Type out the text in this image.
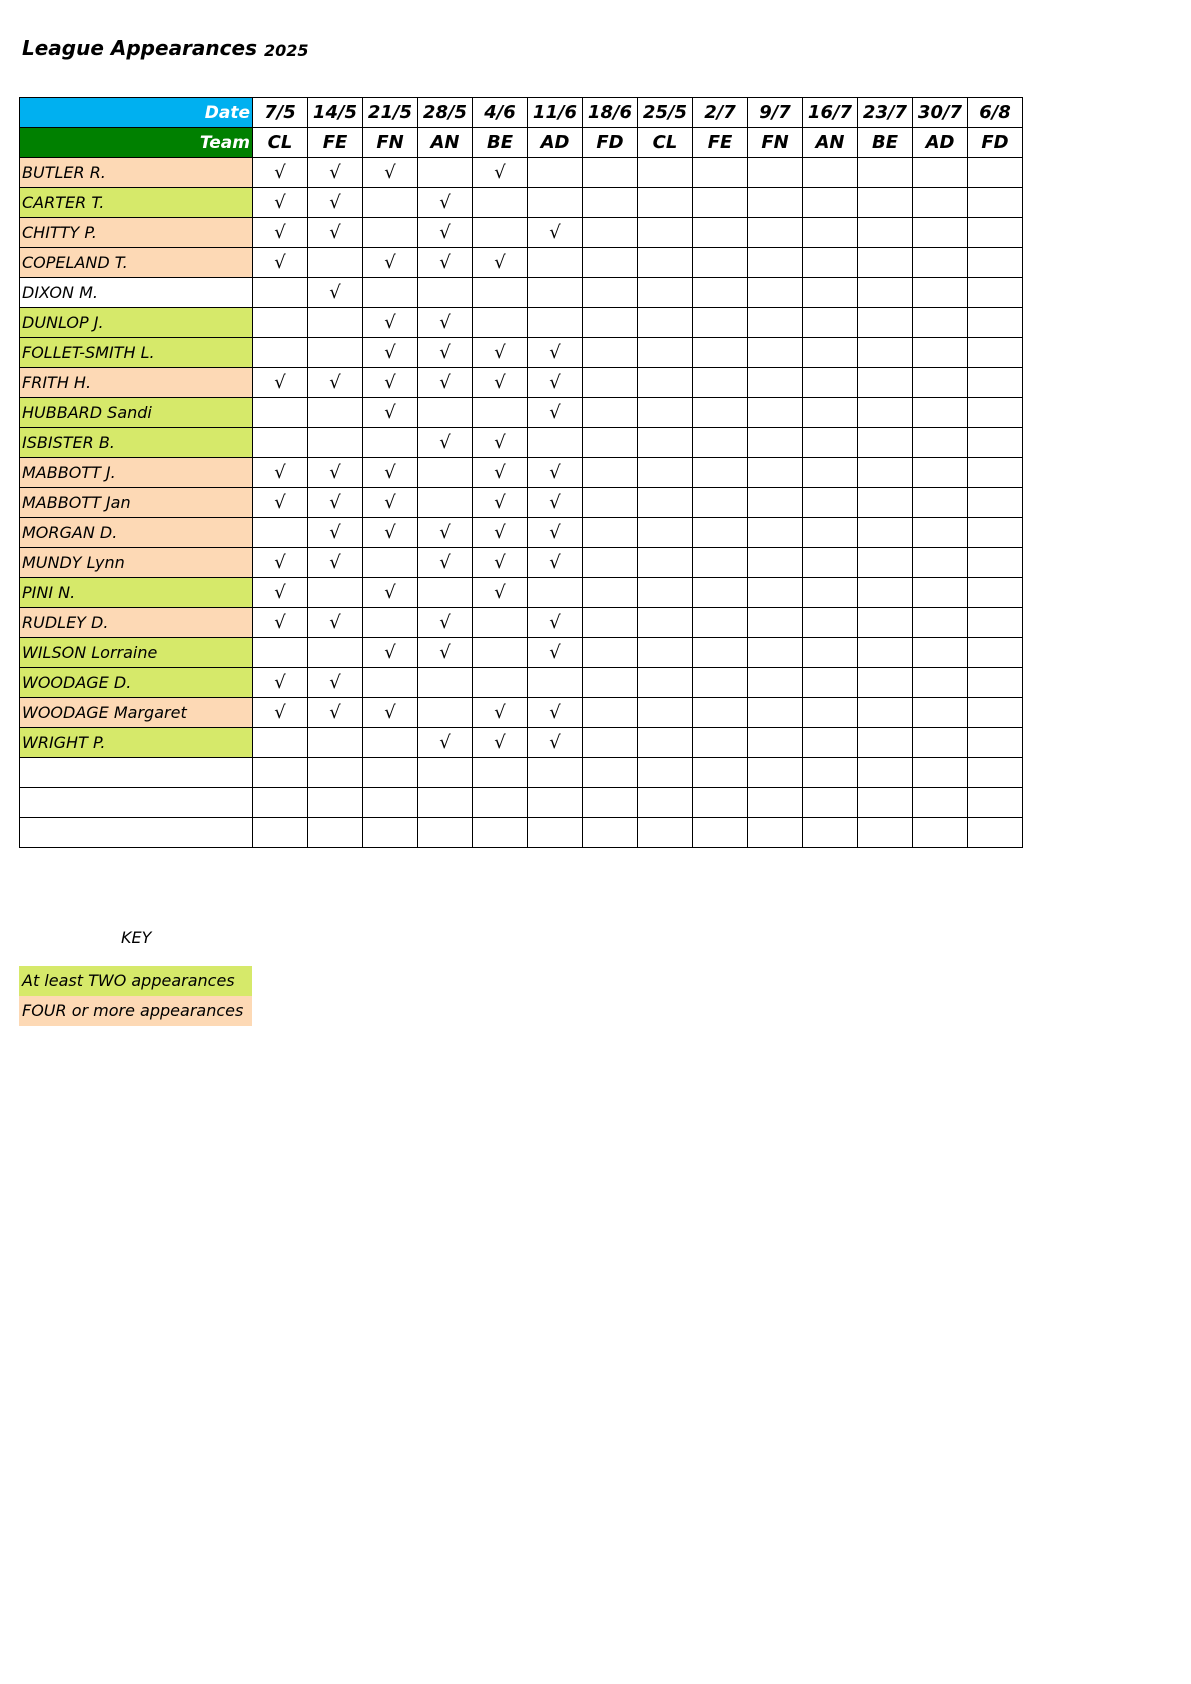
League Appearances 2025
Date	7/5	14/5	21/5	28/5	4/6	11/6	18/6	25/5	2/7	9/7	16/7	23/7	30/7	6/8
Team	CL	FE	FN	AN	BE	AD	FD	CL	FE	FN	AN	BE	AD	FD
BUTLER R.	√	√	√		√									
CARTER T.	√	√		√										
CHITTY P.	√	√		√		√								
COPELAND T.	√		√	√	√									
DIXON M.		√												
DUNLOP J.			√	√										
FOLLET-SMITH L.			√	√	√	√								
FRITH H.	√	√	√	√	√	√								
HUBBARD Sandi			√			√								
ISBISTER B.				√	√									
MABBOTT J.	√	√	√		√	√								
MABBOTT Jan	√	√	√		√	√								
MORGAN D.		√	√	√	√	√								
MUNDY Lynn	√	√		√	√	√								
PINI N.	√		√		√									
RUDLEY D.	√	√		√		√								
WILSON Lorraine			√	√		√								
WOODAGE D.	√	√												
WOODAGE Margaret	√	√	√		√	√								
WRIGHT P.				√	√	√								

KEY
At least TWO appearances
FOUR or more appearances
